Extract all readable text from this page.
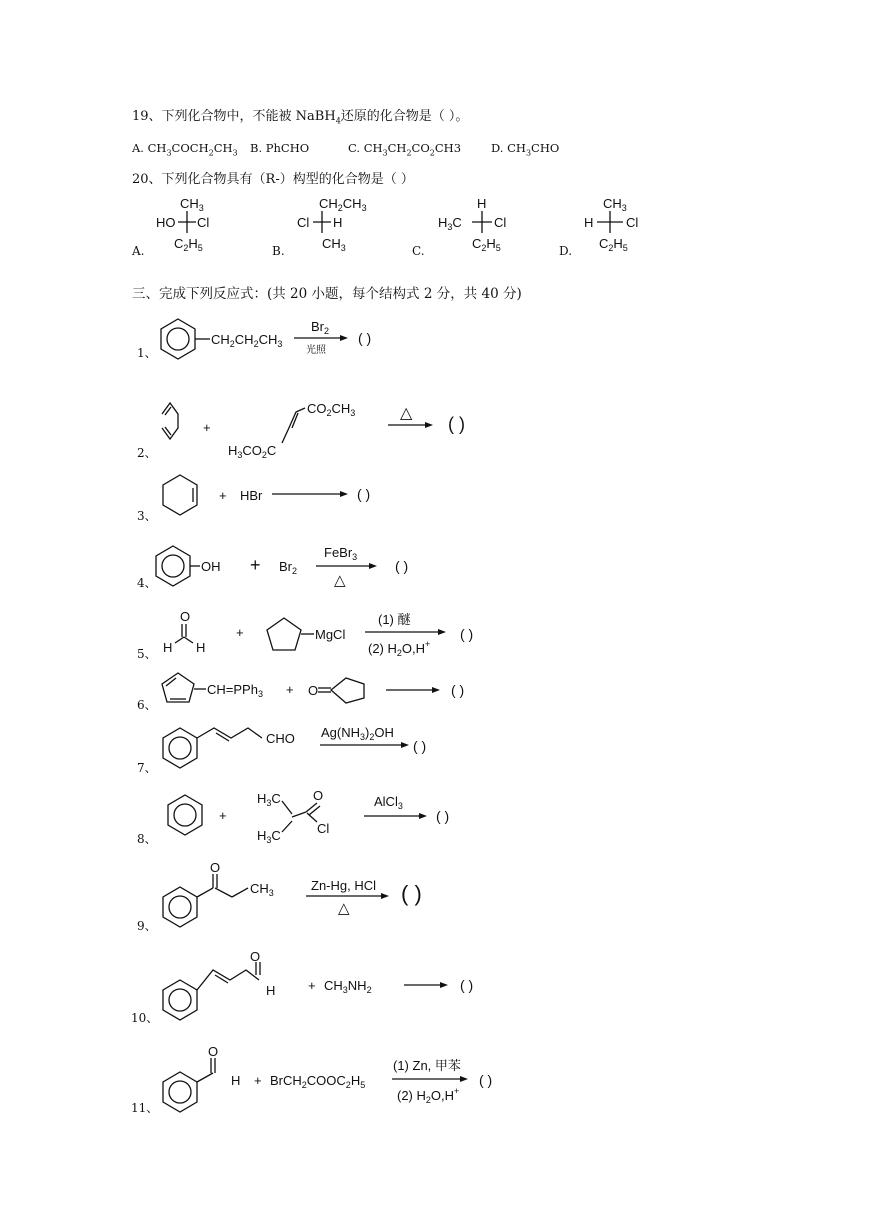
19、下列化合物中，不能被 NaBH$_4$还原的化合物是（ ）。
A. $CH_3COCH_2CH_3$ B. PhCHO	C. $CH_3CH_2CO_2CH3$	D. $CH_3CHO$
20、下列化合物具有（R-）构型的化合物是（ ）
A.	B.	C.	D.
HO Cl
$CH_3$
$C_2H_5$
Cl H
$CH_2CH_3$
$CH_3$
$H_3C$ Cl
H
$C_2H_5$
H	Cl
$CH_3$
$C_2H_5$
$CH_2CH_2CH_3$
$Br_2$
光照
( )
+
$CO_2CH_3$
$H_3CO_2C$
△
( )
+ HBr	( )
OH + $Br_2$
FeBr$_3$
△
( )
O
H H
+	MgCl
(1) 醚
(2) $H_2O,H^+$
( )
CH=PPh$_3$ + O	( )
CHO $Ag(NH_3)_2OH$
( )
+
$H_3C$
$H_3C$
O
Cl
AlCl$_3$
( )
O
$CH_3$	Zn-Hg, HCl
△
( )
O
H	+ $CH_3NH_2$	( )
O
$H + BrCH_2COOC_2H_5$
(1) Zn, 甲苯
(2) $H_2O,H^+$
( )
三、完成下列反应式：(共 20 小题，每个结构式 2 分，共 40 分)
1、
2、
3、
4、
5、
6、
7、
8、
9、
10、
11、
